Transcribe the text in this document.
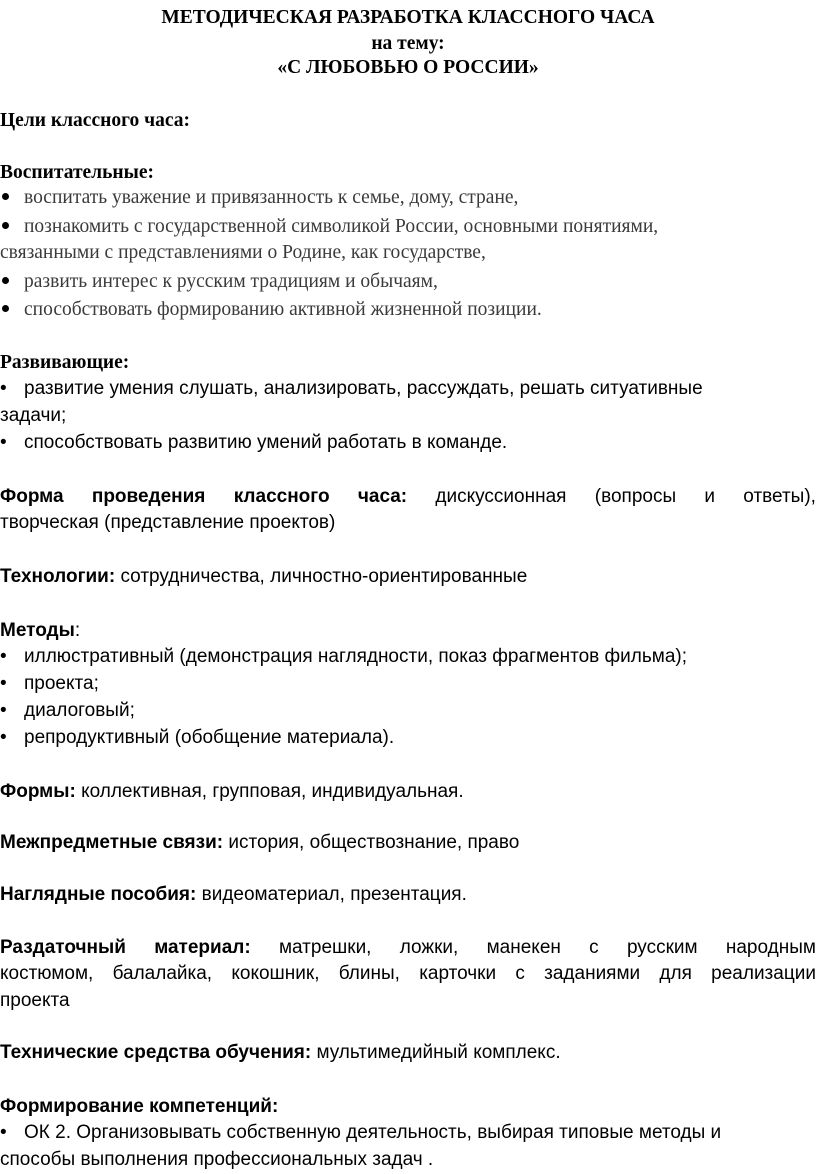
МЕТОДИЧЕСКАЯ РАЗРАБОТКА КЛАССНОГО ЧАСА
на тему:
«С ЛЮБОВЬЮ О РОССИИ»
Цели классного часа:
Воспитательные:
воспитать уважение и привязанность к семье, дому, стране,
познакомить с государственной символикой России, основными понятиями,
связанными с представлениями о Родине, как государстве,
развить интерес к русским традициям и обычаям,
способствовать формированию активной жизненной позиции.
Развивающие:
• развитие умения слушать, анализировать, рассуждать, решать ситуативные
задачи;
• способствовать развитию умений работать в команде.
Форма проведения классного часа: дискуссионная (вопросы и ответы),
творческая (представление проектов)
Технологии: сотрудничества, личностно-ориентированные
Методы:
• иллюстративный (демонстрация наглядности, показ фрагментов фильма);
• проекта;
• диалоговый;
• репродуктивный (обобщение материала).
Формы: коллективная, групповая, индивидуальная.
Межпредметные связи: история, обществознание, право
Наглядные пособия: видеоматериал, презентация.
Раздаточный материал: матрешки, ложки, манекен с русским народным
костюмом, балалайка, кокошник, блины, карточки с заданиями для реализации
проекта
Технические средства обучения: мультимедийный комплекс.
Формирование компетенций:
• ОК 2. Организовывать собственную деятельность, выбирая типовые методы и
способы выполнения профессиональных задач .
